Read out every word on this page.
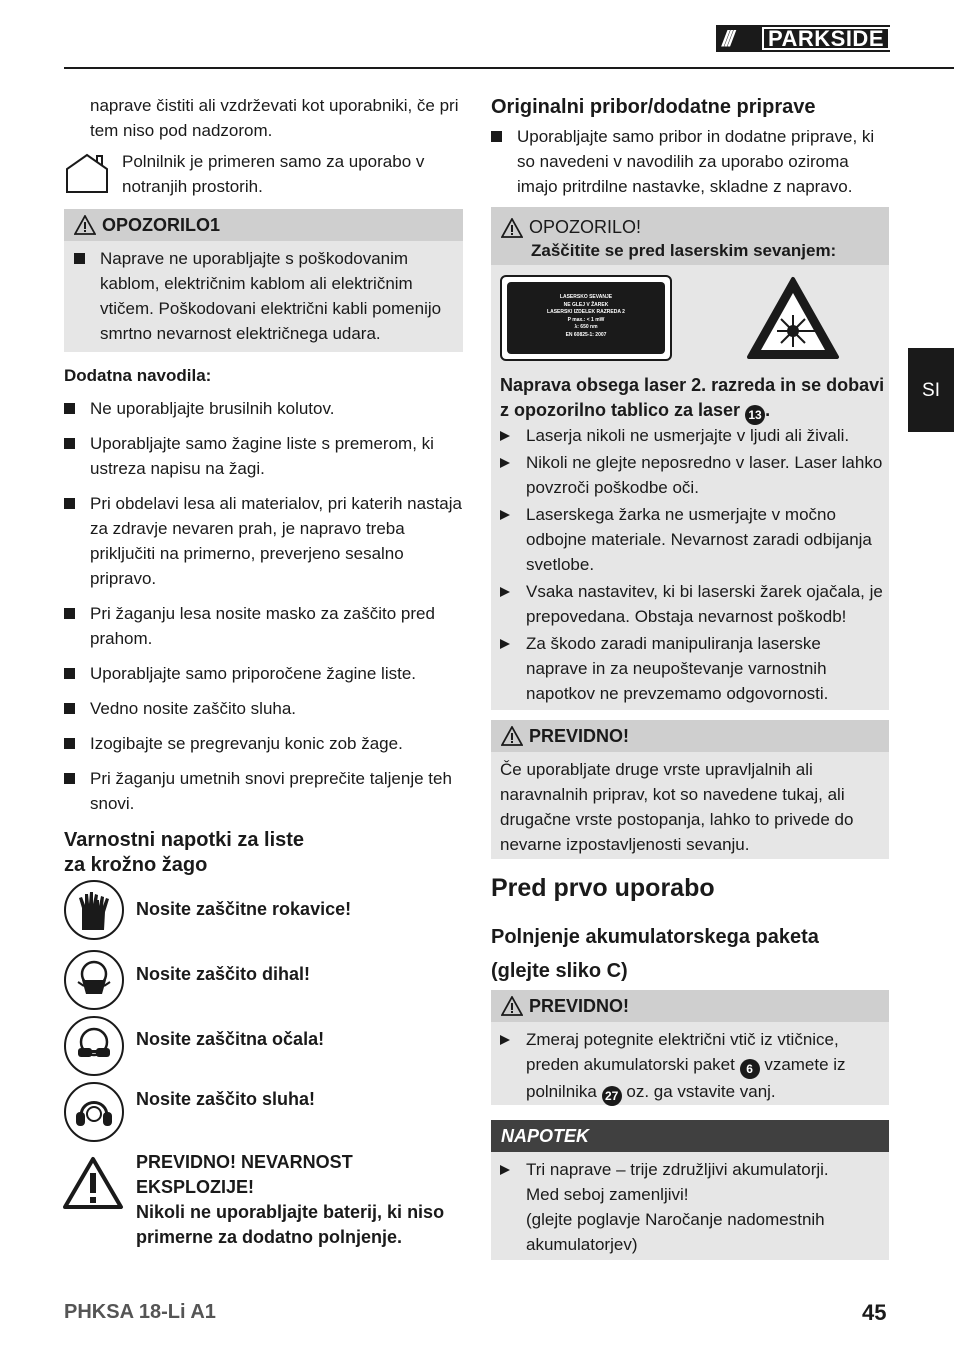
///	PARKSIDE
SI

naprave čistiti ali vzdrževati kot uporabniki, če pri tem niso pod nadzorom.

Polnilnik je primeren samo za uporabo v notranjih prostorih.

OPOZORILO1
Naprave ne uporabljajte s poškodovanim kablom, električnim kablom ali električnim vtičem. Poškodovani električni kabli pomenijo smrtno nevarnost električnega udara.
Dodatna navodila:
Ne uporabljajte brusilnih kolutov.
Uporabljajte samo žagine liste s premerom, ki ustreza napisu na žagi.
Pri obdelavi lesa ali materialov, pri katerih nastaja za zdravje nevaren prah, je napravo treba priključiti na primerno, preverjeno sesalno pripravo.
Pri žaganju lesa nosite masko za zaščito pred prahom.
Uporabljajte samo priporočene žagine liste.
Vedno nosite zaščito sluha.
Izogibajte se pregrevanju konic zob žage.
Pri žaganju umetnih snovi preprečite taljenje teh snovi.

Varnostni napotki za liste

za krožno žago

Nosite zaščitne rokavice!
Nosite zaščito dihal!
Nosite zaščitna očala!
Nosite zaščito sluha!
PREVIDNO! NEVARNOST EKSPLOZIJE!
Nikoli ne uporabljajte baterij, ki niso primerne za dodatno polnjenje.

Originalni pribor/dodatne priprave

Uporabljajte samo pribor in dodatne priprave, ki so navedeni v navodilih za uporabo oziroma imajo pritrdilne nastavke, skladne z napravo.
OPOZORILO!
Zaščitite se pred laserskim sevanjem:
LASERSKO SEVANJE
NE GLEJ V ŽAREK
LASERSKI IZDELEK RAZREDA 2
P max.: < 1 mW
λ: 650 nm
EN 60825-1: 2007

Naprava obsega laser 2. razreda in se dobavi z opozorilno tablico za laser 13 .

Laserja nikoli ne usmerjajte v ljudi ali živali.
Nikoli ne glejte neposredno v laser. Laser lahko povzroči poškodbe oči.
Laserskega žarka ne usmerjajte v močno odbojne materiale. Nevarnost zaradi odbijanja svetlobe.
Vsaka nastavitev, ki bi laserski žarek ojačala, je prepovedana. Obstaja nevarnost poškodb!
Za škodo zaradi manipuliranja laserske naprave in za neupoštevanje varnostnih napotkov ne prevzemamo odgovornosti.
PREVIDNO!

Če uporabljate druge vrste upravljalnih ali naravnalnih priprav, kot so navedene tukaj, ali drugačne vrste postopanja, lahko to privede do nevarne izpostavljenosti sevanju.

Pred prvo uporabo

Polnjenje akumulatorskega paketa

(glejte sliko C)

PREVIDNO!
Zmeraj potegnite električni vtič iz vtičnice, preden akumulatorski paket 6 vzamete iz polnilnika 27 oz. ga vstavite vanj.
NAPOTEK
Tri naprave – trije združljivi akumulatorji.
Med seboj zamenljivi!
(glejte poglavje Naročanje nadomestnih akumulatorjev)
PHKSA 18-Li A1	45
